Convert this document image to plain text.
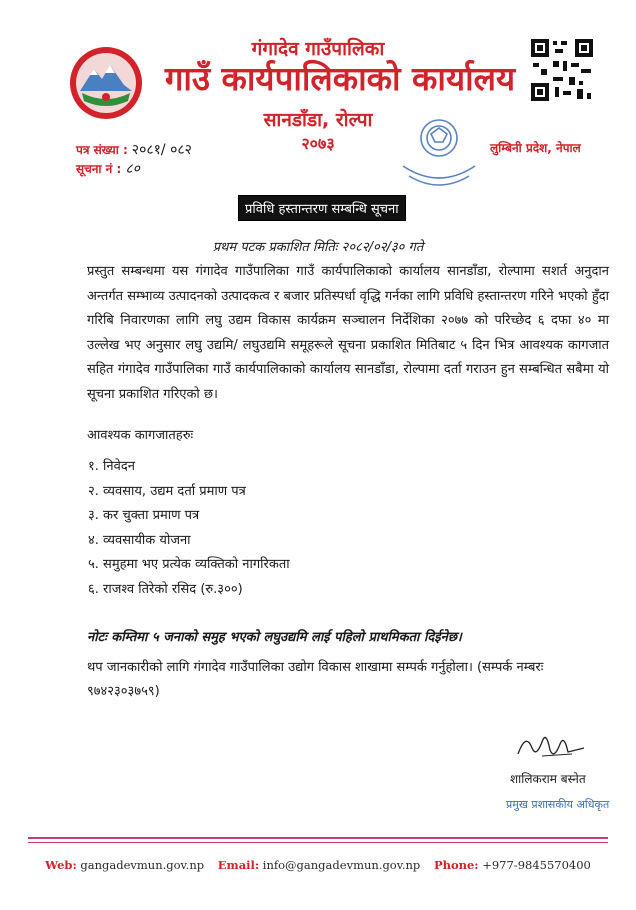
गंगादेव गाउँपालिका
गाउँ कार्यपालिकाको कार्यालय
सानडाँडा, रोल्पा
२०७३
पत्र संख्या : २०८१/ ०८२
सूचना नं : ८०
लुम्बिनी प्रदेश, नेपाल
प्रविधि हस्तान्तरण सम्बन्धि सूचना
प्रथम पटक प्रकाशित मितिः २०८२/०२/३० गते
प्रस्तुत सम्बन्धमा यस गंगादेव गाउँपालिका गाउँ कार्यपालिकाको कार्यालय सानडाँडा, रोल्पामा सशर्त अनुदान अन्तर्गत सम्भाव्य उत्पादनको उत्पादकत्व र बजार प्रतिस्पर्धा वृद्धि गर्नका लागि प्रविधि हस्तान्तरण गरिने भएको हुँदा गरिबि निवारणका लागि लघु उद्यम विकास कार्यक्रम सञ्चालन निर्देशिका २०७७ को परिच्छेद ६ दफा ४० मा उल्लेख भए अनुसार लघु उद्यमि/ लघुउद्यमि समूहरूले सूचना प्रकाशित मितिबाट ५ दिन भित्र आवश्यक कागजात सहित गंगादेव गाउँपालिका गाउँ कार्यपालिकाको कार्यालय सानडाँडा, रोल्पामा दर्ता गराउन हुन सम्बन्धित सबैमा यो सूचना प्रकाशित गरिएको छ।
आवश्यक कागजातहरुः
१. निवेदन
२. व्यवसाय, उद्यम दर्ता प्रमाण पत्र
३. कर चुक्ता प्रमाण पत्र
४. व्यवसायीक योजना
५. समुहमा भए प्रत्येक व्यक्तिको नागरिकता
६. राजश्व तिरेको रसिद (रु.३००)
नोटः कम्तिमा ५ जनाको समुह भएको लघुउद्यमि लाई पहिलो प्राथमिकता दिईनेछ।
थप जानकारीको लागि गंगादेव गाउँपालिका उद्योग विकास शाखामा सम्पर्क गर्नुहोला। (सम्पर्क नम्बरः ९७४२३०३७५९)
शालिकराम बस्नेत
प्रमुख प्रशासकीय अधिकृत
Web: gangadevmun.gov.np Email: info@gangadevmun.gov.np Phone: +977-9845570400
